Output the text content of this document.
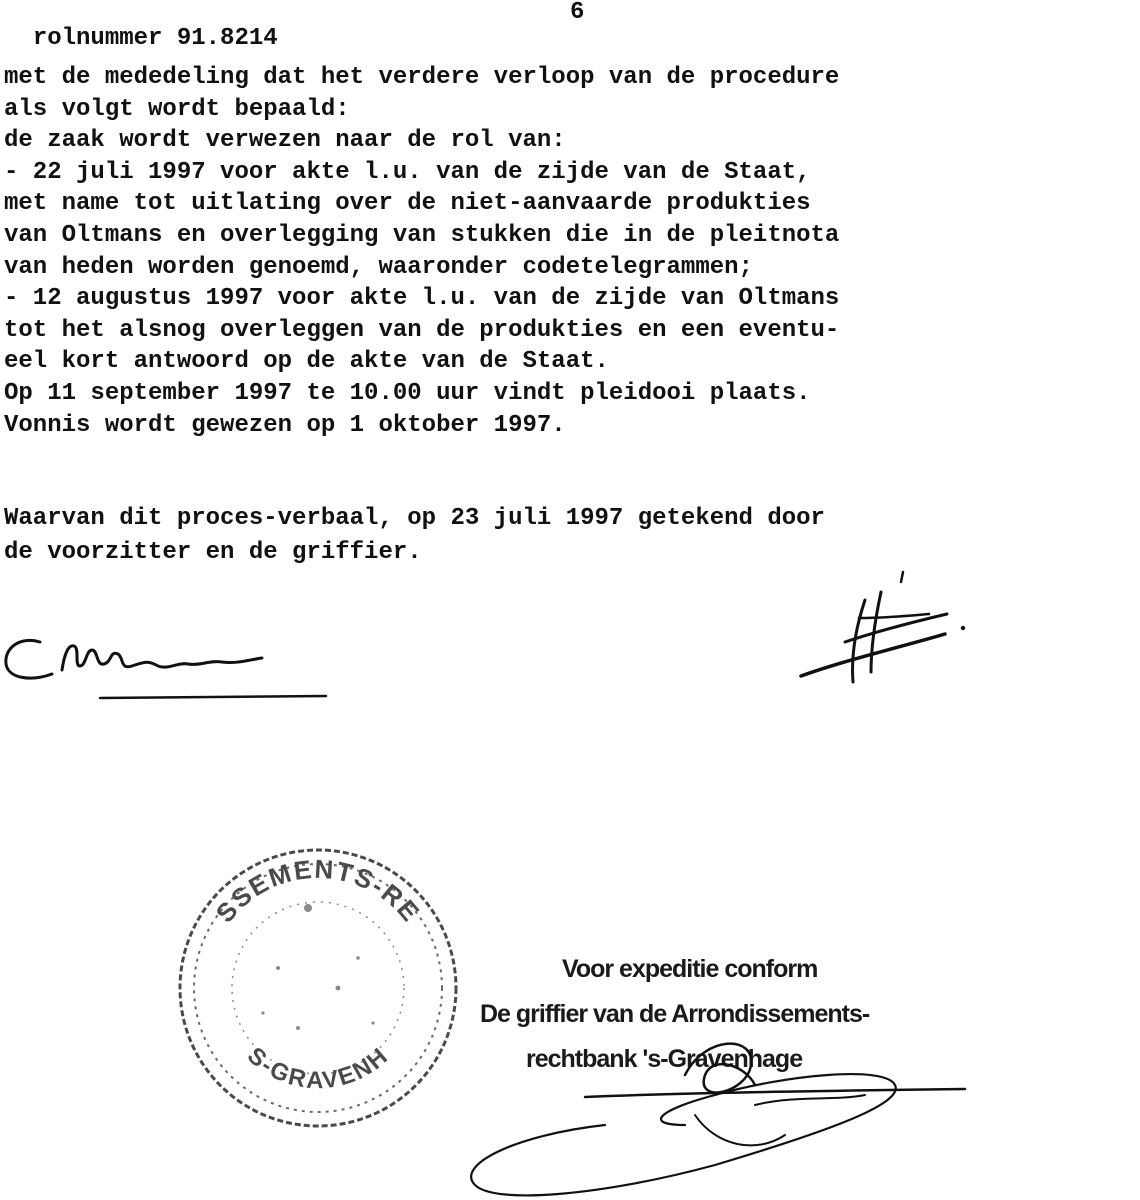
rolnummer 91.8214

6

met de mededeling dat het verdere verloop van de procedure
als volgt wordt bepaald:
de zaak wordt verwezen naar de rol van:
- 22 juli 1997 voor akte l.u. van de zijde van de Staat,
met name tot uitlating over de niet-aanvaarde produkties
van Oltmans en overlegging van stukken die in de pleitnota
van heden worden genoemd, waaronder codetelegrammen;
- 12 augustus 1997 voor akte l.u. van de zijde van Oltmans
tot het alsnog overleggen van de produkties en een eventu-
eel kort antwoord op de akte van de Staat.
Op 11 september 1997 te 10.00 uur vindt pleidooi plaats.
Vonnis wordt gewezen op 1 oktober 1997.
Waarvan dit proces-verbaal, op 23 juli 1997 getekend door
de voorzitter en de griffier.
SSEMENTS-RE
S-GRAVENH
Voor expeditie conform
De griffier van de Arrondissements-
rechtbank 's-Gravenhage
